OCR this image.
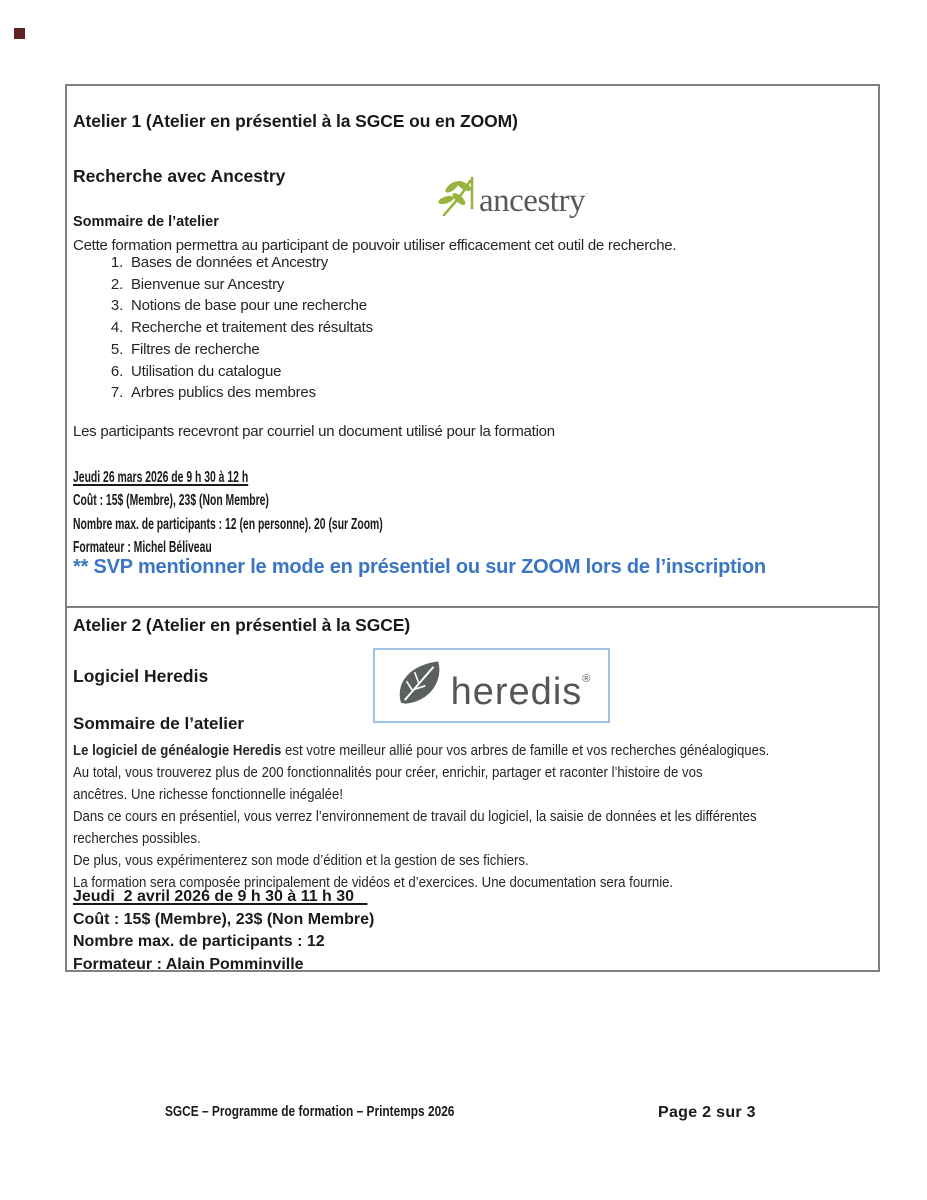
Atelier 1 (Atelier en présentiel à la SGCE ou en ZOOM)
Recherche avec Ancestry
ancestry·
Sommaire de l’atelier
Cette formation permettra au participant de pouvoir utiliser efficacement cet outil de recherche.
1. Bases de données et Ancestry
2. Bienvenue sur Ancestry
3. Notions de base pour une recherche
4. Recherche et traitement des résultats
5. Filtres de recherche
6. Utilisation du catalogue
7. Arbres publics des membres
Les participants recevront par courriel un document utilisé pour la formation
Jeudi 26 mars 2026 de 9 h 30 à 12 h
Coût : 15$ (Membre), 23$ (Non Membre)
Nombre max. de participants : 12 (en personne). 20 (sur Zoom)
Formateur : Michel Béliveau
** SVP mentionner le mode en présentiel ou sur ZOOM lors de l’inscription
Atelier 2 (Atelier en présentiel à la SGCE)
Logiciel Heredis	heredis®
Sommaire de l’atelier
Le logiciel de généalogie Heredis est votre meilleur allié pour vos arbres de famille et vos recherches généalogiques.
Au total, vous trouverez plus de 200 fonctionnalités pour créer, enrichir, partager et raconter l’histoire de vos
ancêtres. Une richesse fonctionnelle inégalée!
Dans ce cours en présentiel, vous verrez l’environnement de travail du logiciel, la saisie de données et les différentes
recherches possibles.
De plus, vous expérimenterez son mode d’édition et la gestion de ses fichiers.
La formation sera composée principalement de vidéos et d’exercices. Une documentation sera fournie.
Jeudi  2 avril 2026 de 9 h 30 à 11 h 30
Coût : 15$ (Membre), 23$ (Non Membre)
Nombre max. de participants : 12
Formateur : Alain Pomminville
SGCE – Programme de formation – Printemps 2026	Page 2 sur 3
